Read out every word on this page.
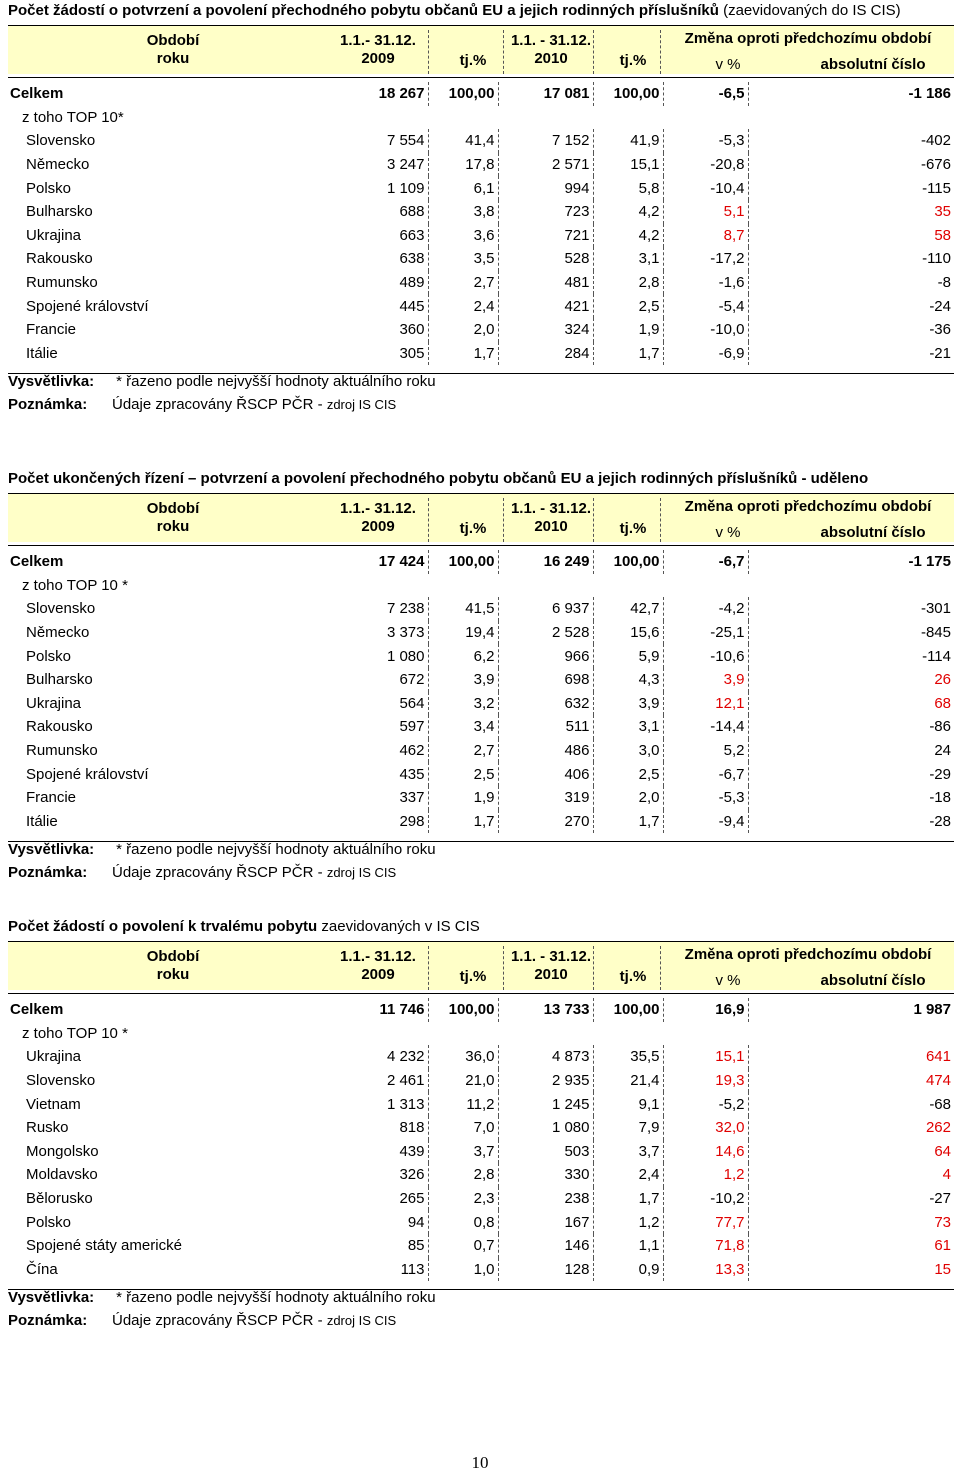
Počet žádostí o potvrzení a povolení přechodného pobytu občanů EU a jejich rodinných příslušníků (zaevidovaných do IS CIS)
Období
roku
1.1.- 31.12.
2009	tj.%
1.1. - 31.12.
2010	tj.%
Změna oproti předchozímu období
v %	absolutní číslo
Celkem	18 267	100,00	17 081	100,00	-6,5	-1 186
z toho TOP 10*						
Slovensko	7 554	41,4	7 152	41,9	-5,3	-402
Německo	3 247	17,8	2 571	15,1	-20,8	-676
Polsko	1 109	6,1	994	5,8	-10,4	-115
Bulharsko	688	3,8	723	4,2	5,1	35
Ukrajina	663	3,6	721	4,2	8,7	58
Rakousko	638	3,5	528	3,1	-17,2	-110
Rumunsko	489	2,7	481	2,8	-1,6	-8
Spojené království	445	2,4	421	2,5	-5,4	-24
Francie	360	2,0	324	1,9	-10,0	-36
Itálie	305	1,7	284	1,7	-6,9	-21
Vysvětlivka: * řazeno podle nejvyšší hodnoty aktuálního roku
Poznámka: Údaje zpracovány ŘSCP PČR - zdroj IS CIS
Počet ukončených řízení – potvrzení a povolení přechodného pobytu občanů EU a jejich rodinných příslušníků - uděleno
Období
roku
1.1.- 31.12.
2009	tj.%
1.1. - 31.12.
2010	tj.%
Změna oproti předchozímu období
v %	absolutní číslo
Celkem	17 424	100,00	16 249	100,00	-6,7	-1 175
z toho TOP 10 *						
Slovensko	7 238	41,5	6 937	42,7	-4,2	-301
Německo	3 373	19,4	2 528	15,6	-25,1	-845
Polsko	1 080	6,2	966	5,9	-10,6	-114
Bulharsko	672	3,9	698	4,3	3,9	26
Ukrajina	564	3,2	632	3,9	12,1	68
Rakousko	597	3,4	511	3,1	-14,4	-86
Rumunsko	462	2,7	486	3,0	5,2	24
Spojené království	435	2,5	406	2,5	-6,7	-29
Francie	337	1,9	319	2,0	-5,3	-18
Itálie	298	1,7	270	1,7	-9,4	-28
Vysvětlivka: * řazeno podle nejvyšší hodnoty aktuálního roku
Poznámka: Údaje zpracovány ŘSCP PČR - zdroj IS CIS
Počet žádostí o povolení k trvalému pobytu zaevidovaných v IS CIS
Období
roku
1.1.- 31.12.
2009	tj.%
1.1. - 31.12.
2010	tj.%
Změna oproti předchozímu období
v %	absolutní číslo
Celkem	11 746	100,00	13 733	100,00	16,9	1 987
z toho TOP 10 *						
Ukrajina	4 232	36,0	4 873	35,5	15,1	641
Slovensko	2 461	21,0	2 935	21,4	19,3	474
Vietnam	1 313	11,2	1 245	9,1	-5,2	-68
Rusko	818	7,0	1 080	7,9	32,0	262
Mongolsko	439	3,7	503	3,7	14,6	64
Moldavsko	326	2,8	330	2,4	1,2	4
Bělorusko	265	2,3	238	1,7	-10,2	-27
Polsko	94	0,8	167	1,2	77,7	73
Spojené státy americké	85	0,7	146	1,1	71,8	61
Čína	113	1,0	128	0,9	13,3	15
Vysvětlivka: * řazeno podle nejvyšší hodnoty aktuálního roku
Poznámka: Údaje zpracovány ŘSCP PČR - zdroj IS CIS
10
